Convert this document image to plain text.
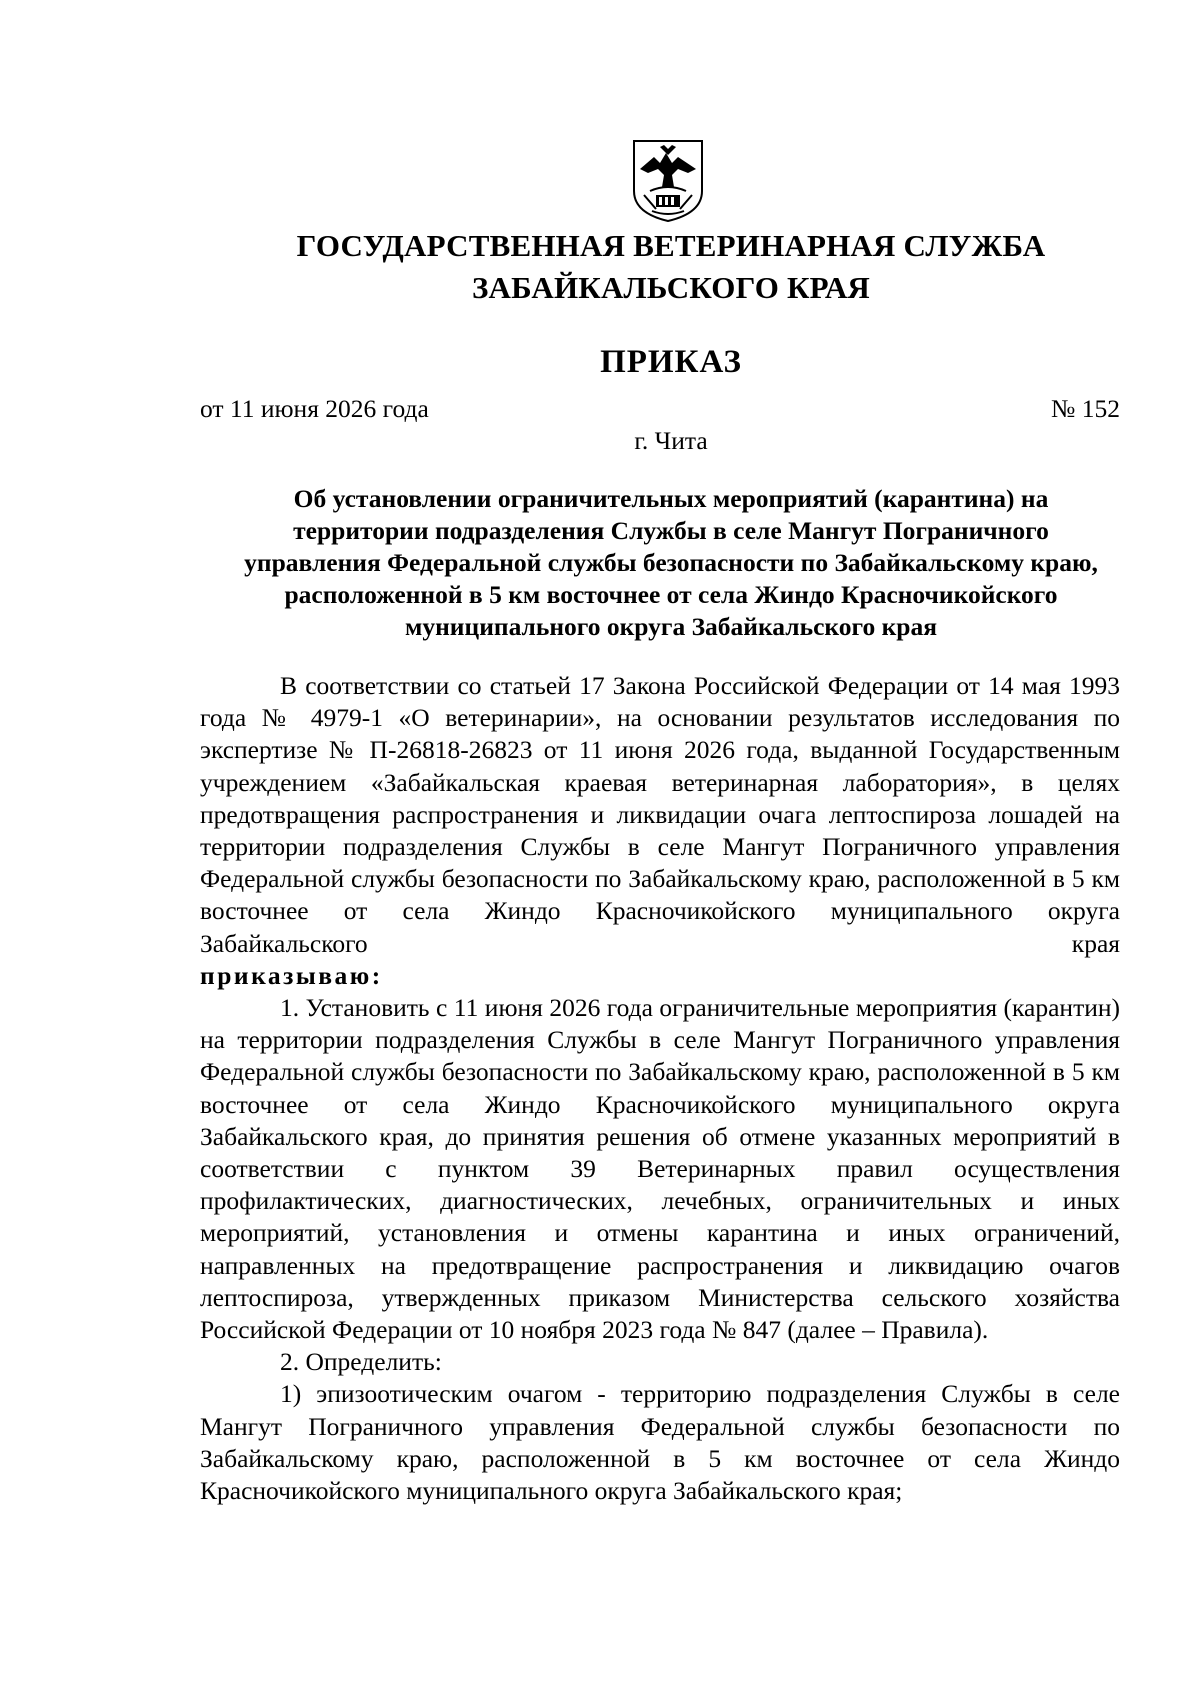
ГОСУДАРСТВЕННАЯ ВЕТЕРИНАРНАЯ СЛУЖБА
ЗАБАЙКАЛЬСКОГО КРАЯ
ПРИКАЗ
от 11 июня 2026 года	№ 152
г. Чита
Об установлении ограничительных мероприятий (карантина) на территории подразделения Службы в селе Мангут Пограничного управления Федеральной службы безопасности по Забайкальскому краю, расположенной в 5 км восточнее от села Жиндо Красночикойского муниципального округа Забайкальского края

В соответствии со статьей 17 Закона Российской Федерации от 14 мая 1993 года № 4979-1 «О ветеринарии», на основании результатов исследования по экспертизе № П-26818-26823 от 11 июня 2026 года, выданной Государственным учреждением «Забайкальская краевая ветеринарная лаборатория», в целях предотвращения распространения и ликвидации очага лептоспироза лошадей на территории подразделения Службы в селе Мангут Пограничного управления Федеральной службы безопасности по Забайкальскому краю, расположенной в 5 км восточнее от села Жиндо Красночикойского муниципального округа Забайкальского края

приказываю:

1. Установить с 11 июня 2026 года ограничительные мероприятия (карантин) на территории подразделения Службы в селе Мангут Пограничного управления Федеральной службы безопасности по Забайкальскому краю, расположенной в 5 км восточнее от села Жиндо Красночикойского муниципального округа Забайкальского края, до принятия решения об отмене указанных мероприятий в соответствии с пунктом 39 Ветеринарных правил осуществления профилактических, диагностических, лечебных, ограничительных и иных мероприятий, установления и отмены карантина и иных ограничений, направленных на предотвращение распространения и ликвидацию очагов лептоспироза, утвержденных приказом Министерства сельского хозяйства Российской Федерации от 10 ноября 2023 года № 847 (далее – Правила).

2. Определить:

1) эпизоотическим очагом - территорию подразделения Службы в селе Мангут Пограничного управления Федеральной службы безопасности по Забайкальскому краю, расположенной в 5 км восточнее от села Жиндо Красночикойского муниципального округа Забайкальского края;
